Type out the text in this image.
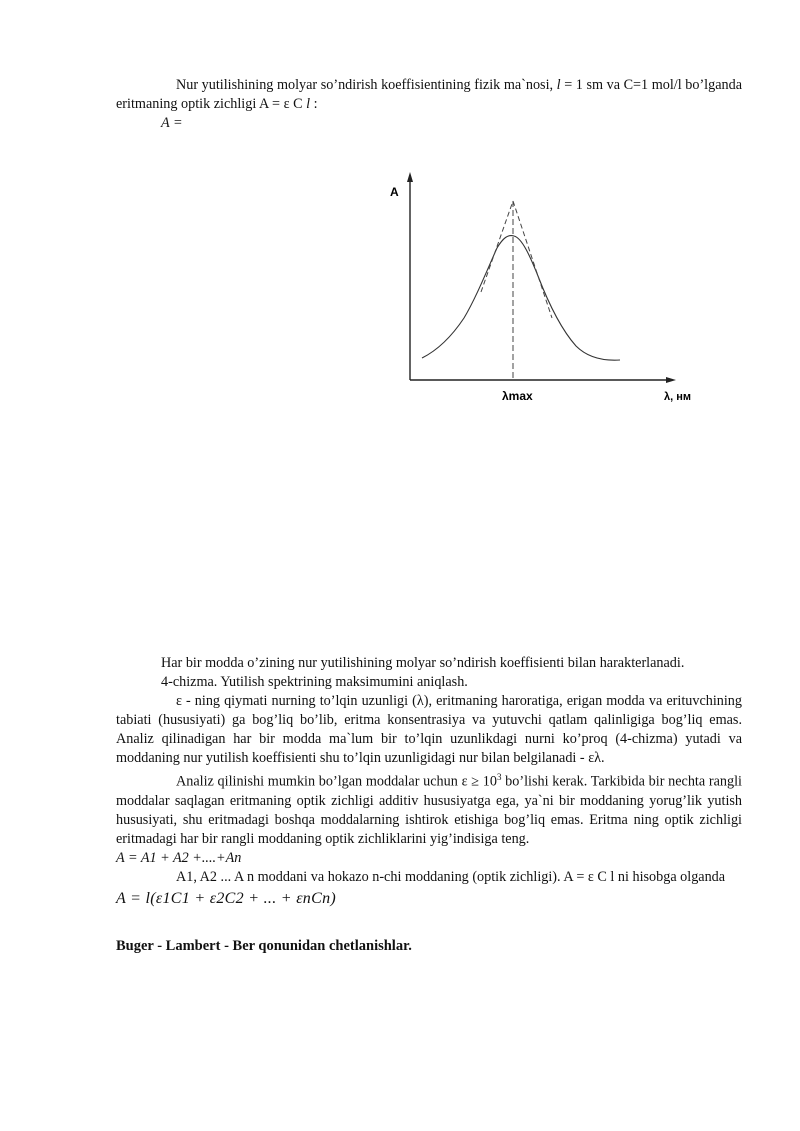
Nur yutilishining molyar so’ndirish koeffisientining fizik ma`nosi, l = 1 sm va C=1 mol/l bo’lganda eritmaning optik zichligi A = ε C l :

A =

A
λmax	λ, нм

Har bir modda o’zining nur yutilishining molyar so’ndirish koeffisienti bilan harakterlanadi.

4-chizma. Yutilish spektrining maksimumini aniqlash.

ε - ning qiymati nurning to’lqin uzunligi (λ), eritmaning haroratiga, erigan modda va erituvchining tabiati (hususiyati) ga bog’liq bo’lib, eritma konsentrasiya va yutuvchi qatlam qalinligiga bog’liq emas. Analiz qilinadigan har bir modda ma`lum bir to’lqin uzunlikdagi nurni ko’proq (4-chizma) yutadi va moddaning nur yutilish koeffisienti shu to’lqin uzunligidagi nur bilan belgilanadi - ελ.

Analiz qilinishi mumkin bo’lgan moddalar uchun $\varepsilon \ge 10^3$ bo’lishi kerak. Tarkibida bir nechta rangli moddalar saqlagan eritmaning optik zichligi additiv hususiyatga ega, ya`ni bir moddaning yorug’lik yutish hususiyati, shu eritmadagi boshqa moddalarning ishtirok etishiga bog’liq emas. Eritma ning optik zichligi eritmadagi har bir rangli moddaning optik zichliklarini yig’indisiga teng.

A = A1 + A2 +....+An

A1, A2 ... A n moddani va hokazo n-chi moddaning (optik zichligi). A = ε C l ni hisobga olganda

A = l(ε1C1 + ε2C2 + ... + εnCn)

Buger - Lambert - Ber qonunidan chetlanishlar.
